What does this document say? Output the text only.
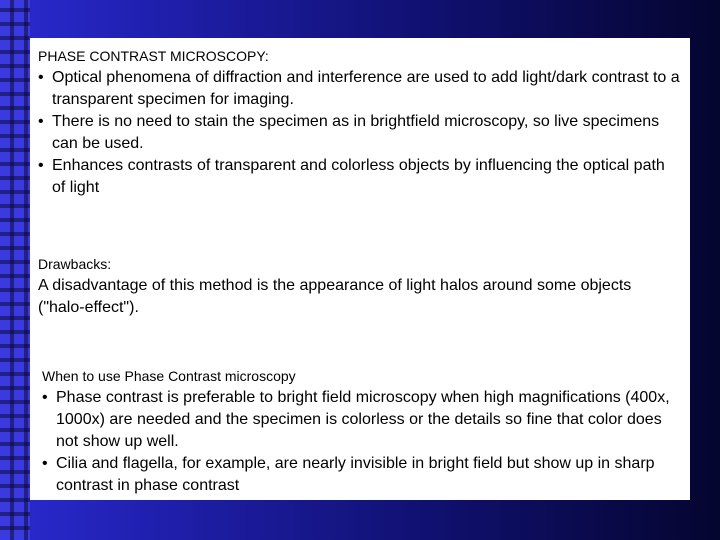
PHASE CONTRAST MICROSCOPY:
• Optical phenomena of diffraction and interference are used to add light/dark contrast to a transparent specimen for imaging.
• There is no need to stain the specimen as in brightfield microscopy, so live specimens can be used.
• Enhances contrasts of transparent and colorless objects by influencing the optical path of light
Drawbacks:

A disadvantage of this method is the appearance of light halos around some objects ("halo-effect").

When to use Phase Contrast microscopy
• Phase contrast is preferable to bright field microscopy when high magnifications (400x, 1000x) are needed and the specimen is colorless or the details so fine that color does not show up well.
• Cilia and flagella, for example, are nearly invisible in bright field but show up in sharp contrast in phase contrast
